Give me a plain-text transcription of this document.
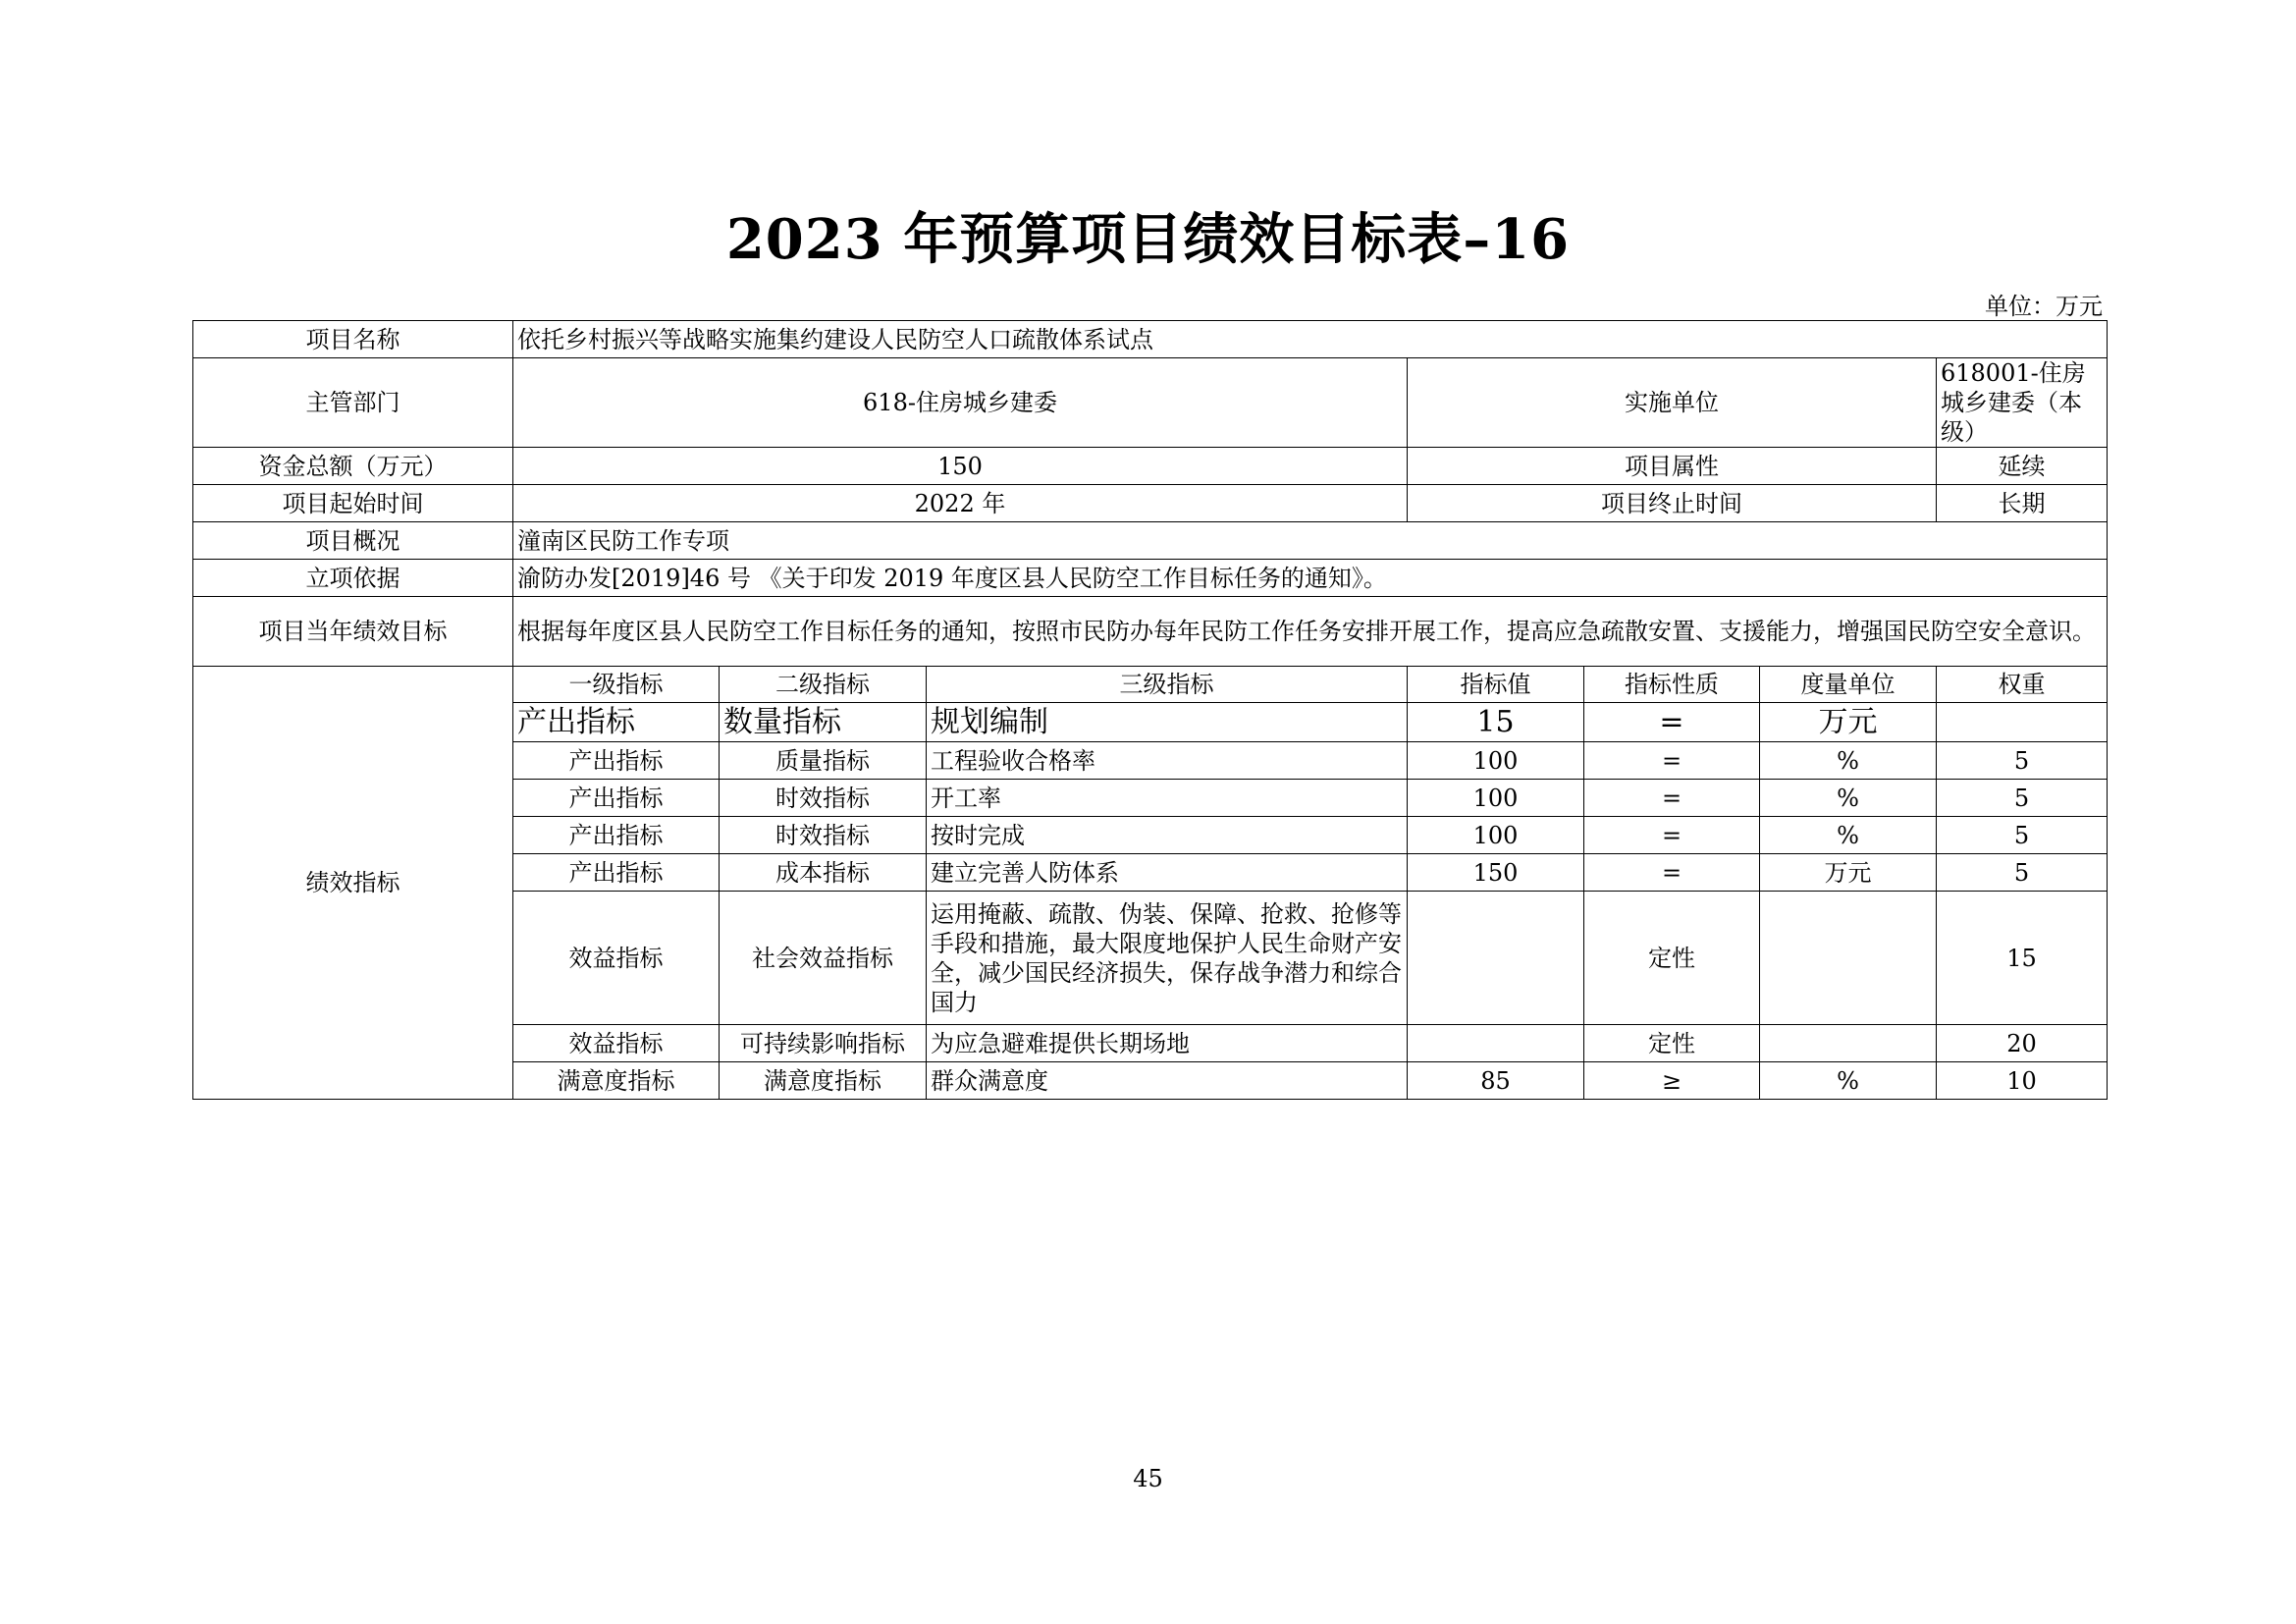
2023 年预算项目绩效目标表–16
单位：万元
项目名称	依托乡村振兴等战略实施集约建设人民防空人口疏散体系试点						
主管部门	618-住房城乡建委			实施单位			618001-住房城乡建委（本级）
资金总额（万元）	150			项目属性			延续
项目起始时间	2022 年			项目终止时间			长期
项目概况	潼南区民防工作专项						
立项依据	渝防办发[2019]46 号 《关于印发 2019 年度区县人民防空工作目标任务的通知》。						
项目当年绩效目标	根据每年度区县人民防空工作目标任务的通知，按照市民防办每年民防工作任务安排开展工作，提高应急疏散安置、支援能力，增强国民防空安全意识。						
绩效指标	一级指标	二级指标	三级指标	指标值	指标性质	度量单位	权重
	产出指标	数量指标	规划编制	15	=	万元	
	产出指标	质量指标	工程验收合格率	100	=	%	5
	产出指标	时效指标	开工率	100	=	%	5
	产出指标	时效指标	按时完成	100	=	%	5
	产出指标	成本指标	建立完善人防体系	150	=	万元	5
	效益指标	社会效益指标	运用掩蔽、疏散、伪装、保障、抢救、抢修等手段和措施，最大限度地保护人民生命财产安全，减少国民经济损失，保存战争潜力和综合国力		定性		15
	效益指标	可持续影响指标	为应急避难提供长期场地		定性		20
	满意度指标	满意度指标	群众满意度	85	≥	%	10
45
